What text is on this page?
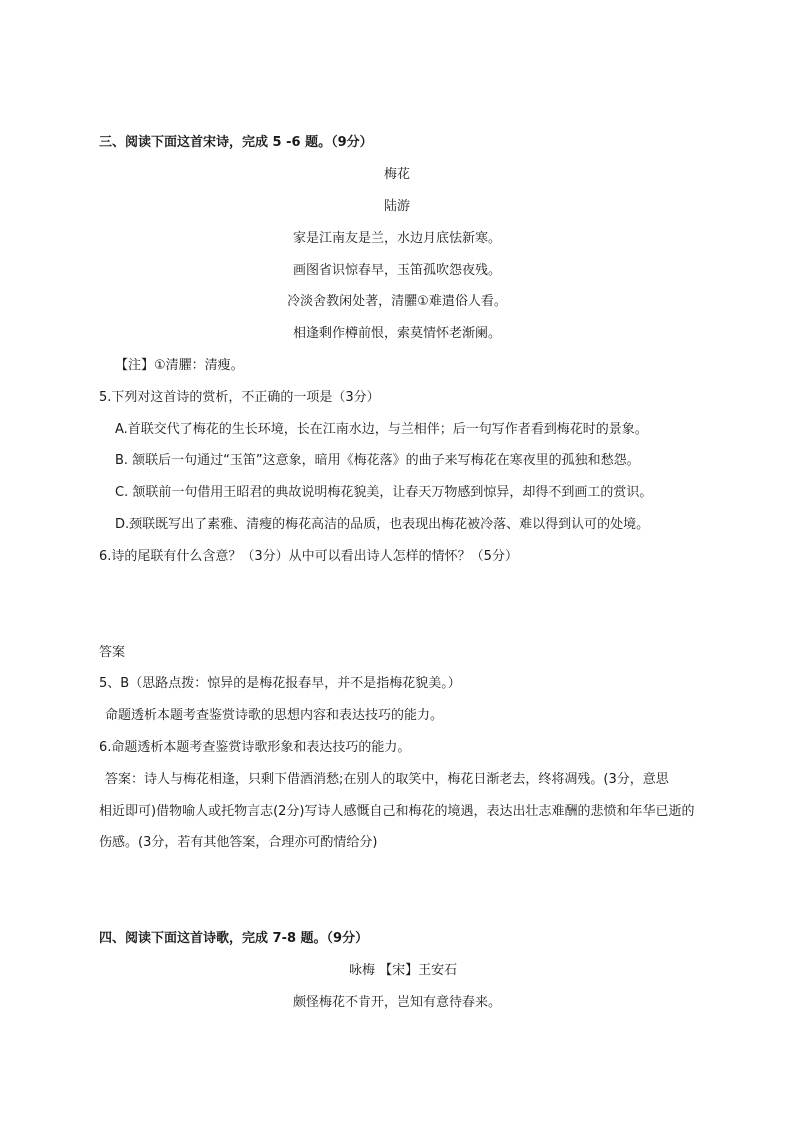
三、阅读下面这首宋诗，完成 5 -6 题。（9分）
梅花
陆游
家是江南友是兰，水边月底怯新寒。
画图省识惊春早，玉笛孤吹怨夜残。
冷淡舍教闲处著，清臞①难遣俗人看。
相逢剩作樽前恨，索莫情怀老渐阑。
【注】①清臞：清瘦。
5.下列对这首诗的赏析，不正确的一项是（3分）
A.首联交代了梅花的生长环境，长在江南水边，与兰相伴；后一句写作者看到梅花时的景象。
B. 颔联后一句通过“玉笛”这意象，暗用《梅花落》的曲子来写梅花在寒夜里的孤独和愁怨。
C. 颔联前一句借用王昭君的典故说明梅花貌美，让春天万物感到惊异，却得不到画工的赏识。
D.颈联既写出了素雅、清瘦的梅花高洁的品质，也表现出梅花被冷落、难以得到认可的处境。
6.诗的尾联有什么含意？（3分）从中可以看出诗人怎样的情怀？（5分）
答案
5、B（思路点拨：惊异的是梅花报春早，并不是指梅花貌美。）
命题透析本题考查鉴赏诗歌的思想内容和表达技巧的能力。
6.命题透析本题考查鉴赏诗歌形象和表达技巧的能力。
答案：诗人与梅花相逢，只剩下借酒消愁;在别人的取笑中，梅花日渐老去，终将凋残。(3分，意思
相近即可)借物喻人或托物言志(2分)写诗人感慨自己和梅花的境遇，表达出壮志难酬的悲愤和年华已逝的
伤感。(3分，若有其他答案，合理亦可酌情给分)
四、阅读下面这首诗歌，完成 7-8 题。（9分）
咏梅 【宋】王安石
颇怪梅花不肯开，岂知有意待春来。
